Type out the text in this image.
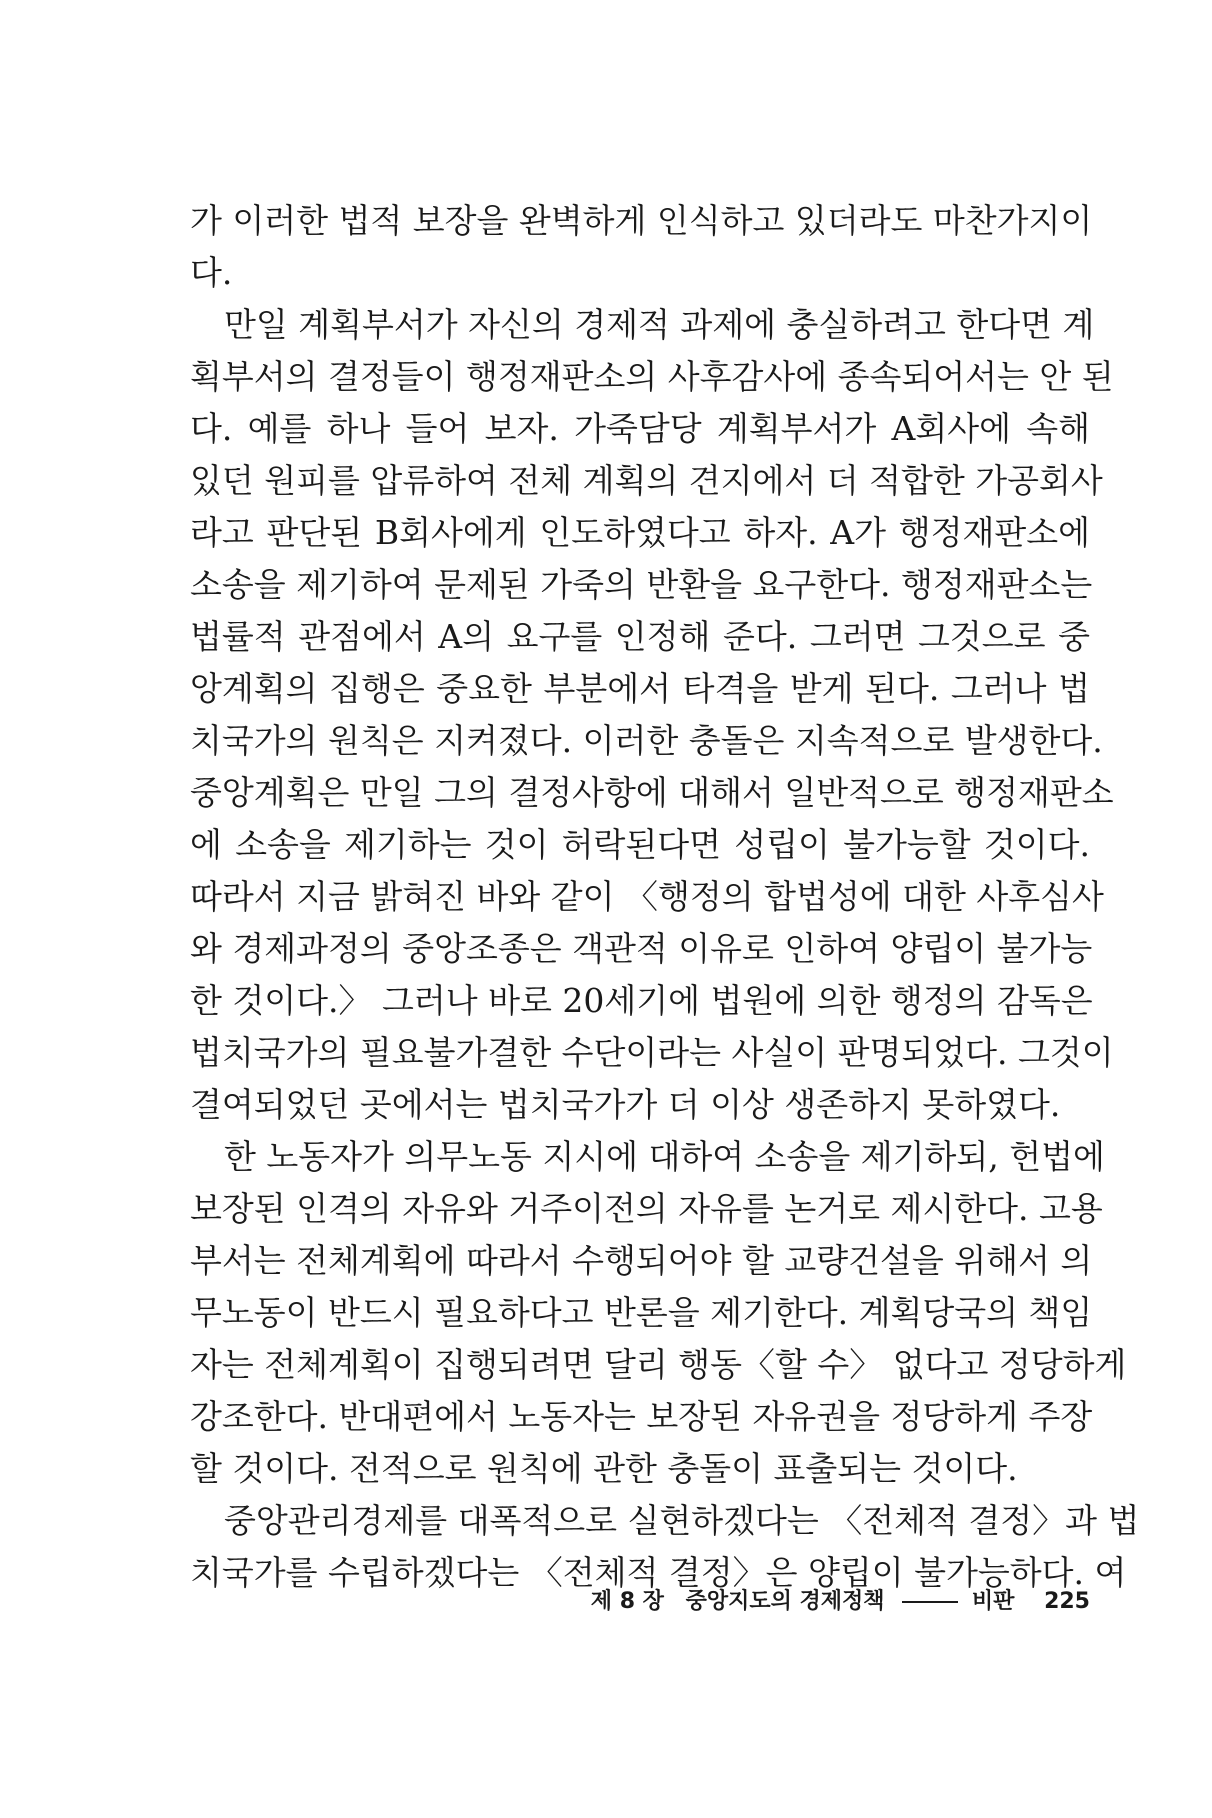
가 이러한 법적 보장을 완벽하게 인식하고 있더라도 마찬가지이
다.
만일 계획부서가 자신의 경제적 과제에 충실하려고 한다면 계
획부서의 결정들이 행정재판소의 사후감사에 종속되어서는 안 된
다. 예를 하나 들어 보자. 가죽담당 계획부서가 A회사에 속해
있던 원피를 압류하여 전체 계획의 견지에서 더 적합한 가공회사
라고 판단된 B회사에게 인도하였다고 하자. A가 행정재판소에
소송을 제기하여 문제된 가죽의 반환을 요구한다. 행정재판소는
법률적 관점에서 A의 요구를 인정해 준다. 그러면 그것으로 중
앙계획의 집행은 중요한 부분에서 타격을 받게 된다. 그러나 법
치국가의 원칙은 지켜졌다. 이러한 충돌은 지속적으로 발생한다.
중앙계획은 만일 그의 결정사항에 대해서 일반적으로 행정재판소
에 소송을 제기하는 것이 허락된다면 성립이 불가능할 것이다.
따라서 지금 밝혀진 바와 같이 〈행정의 합법성에 대한 사후심사
와 경제과정의 중앙조종은 객관적 이유로 인하여 양립이 불가능
한 것이다.〉 그러나 바로 20세기에 법원에 의한 행정의 감독은
법치국가의 필요불가결한 수단이라는 사실이 판명되었다. 그것이
결여되었던 곳에서는 법치국가가 더 이상 생존하지 못하였다.
한 노동자가 의무노동 지시에 대하여 소송을 제기하되, 헌법에
보장된 인격의 자유와 거주이전의 자유를 논거로 제시한다. 고용
부서는 전체계획에 따라서 수행되어야 할 교량건설을 위해서 의
무노동이 반드시 필요하다고 반론을 제기한다. 계획당국의 책임
자는 전체계획이 집행되려면 달리 행동〈할 수〉 없다고 정당하게
강조한다. 반대편에서 노동자는 보장된 자유권을 정당하게 주장
할 것이다. 전적으로 원칙에 관한 충돌이 표출되는 것이다.
중앙관리경제를 대폭적으로 실현하겠다는 〈전체적 결정〉과 법
치국가를 수립하겠다는 〈전체적 결정〉은 양립이 불가능하다. 여
제 8 장 중앙지도의 경제정책	비판 225
